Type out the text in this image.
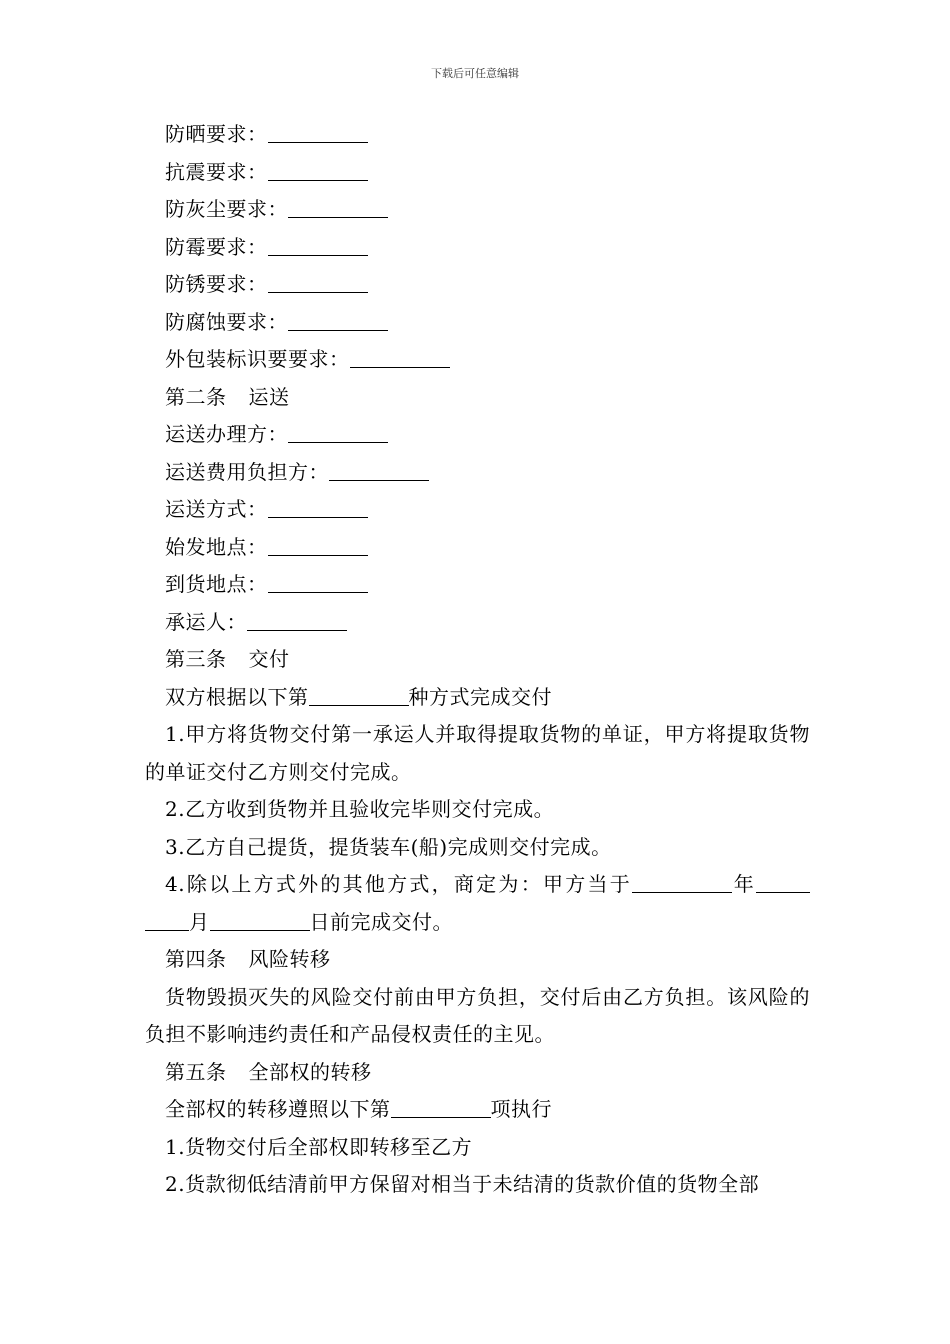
下载后可任意编辑
防晒要求：
抗震要求：
防灰尘要求：
防霉要求：
防锈要求：
防腐蚀要求：
外包装标识要要求：
第二条 运送
运送办理方：
运送费用负担方：
运送方式：
始发地点：
到货地点：
承运人：
第三条 交付
双方根据以下第	种方式完成交付
1.甲方将货物交付第一承运人并取得提取货物的单证，甲方将提取货物的单证交付乙方则交付完成。
2.乙方收到货物并且验收完毕则交付完成。
3.乙方自己提货，提货装车(船)完成则交付完成。
4.除以上方式外的其他方式，商定为：甲方当于	年月	日前完成交付。
第四条 风险转移
货物毁损灭失的风险交付前由甲方负担，交付后由乙方负担。该风险的负担不影响违约责任和产品侵权责任的主见。
第五条 全部权的转移
全部权的转移遵照以下第	项执行
1.货物交付后全部权即转移至乙方
2.货款彻低结清前甲方保留对相当于未结清的货款价值的货物全部
